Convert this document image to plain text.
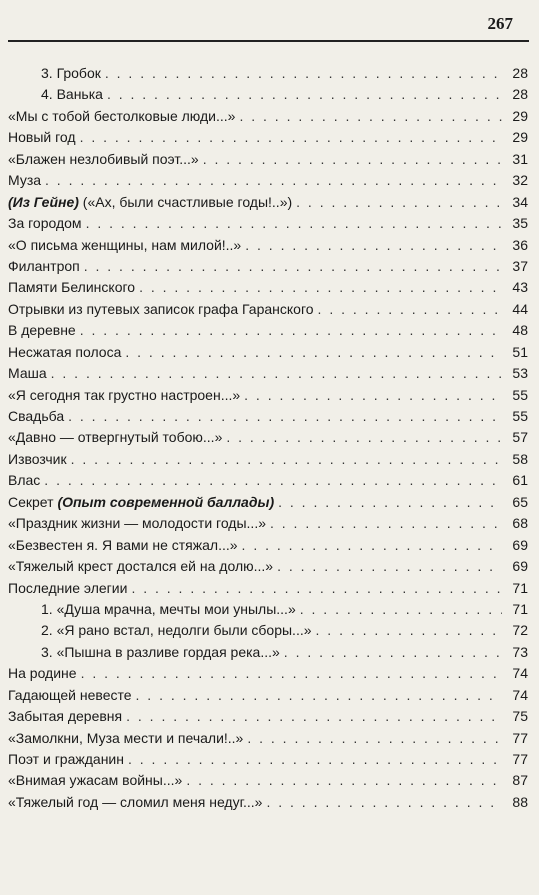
267
3. Гробок . . .	28
4. Ванька . . .	28
«Мы с тобой бестолковые люди...» . . .	29
Новый год . . .	29
«Блажен незлобивый поэт...» . . .	31
Муза . . .	32
(Из Гейне) («Ах, были счастливые годы!..») . . .	34
За городом . . .	35
«О письма женщины, нам милой!..» . . .	36
Филантроп . . .	37
Памяти Белинского . . .	43
Отрывки из путевых записок графа Гаранского . . .	44
В деревне . . .	48
Несжатая полоса . . .	51
Маша . . .	53
«Я сегодня так грустно настроен...» . . .	55
Свадьба . . .	55
«Давно — отвергнутый тобою...» . . .	57
Извозчик . . .	58
Влас . . .	61
Секрет (Опыт современной баллады) . . .	65
«Праздник жизни — молодости годы...» . . .	68
«Безвестен я. Я вами не стяжал...» . . .	69
«Тяжелый крест достался ей на долю...» . . .	69
Последние элегии . . .	71
1. «Душа мрачна, мечты мои унылы...» . . .	71
2. «Я рано встал, недолги были сборы...» . . .	72
3. «Пышна в разливе гордая река...» . . .	73
На родине . . .	74
Гадающей невесте . . .	74
Забытая деревня . . .	75
«Замолкни, Муза мести и печали!..» . . .	77
Поэт и гражданин . . .	77
«Внимая ужасам войны...» . . .	87
«Тяжелый год — сломил меня недуг...» . . .	88
